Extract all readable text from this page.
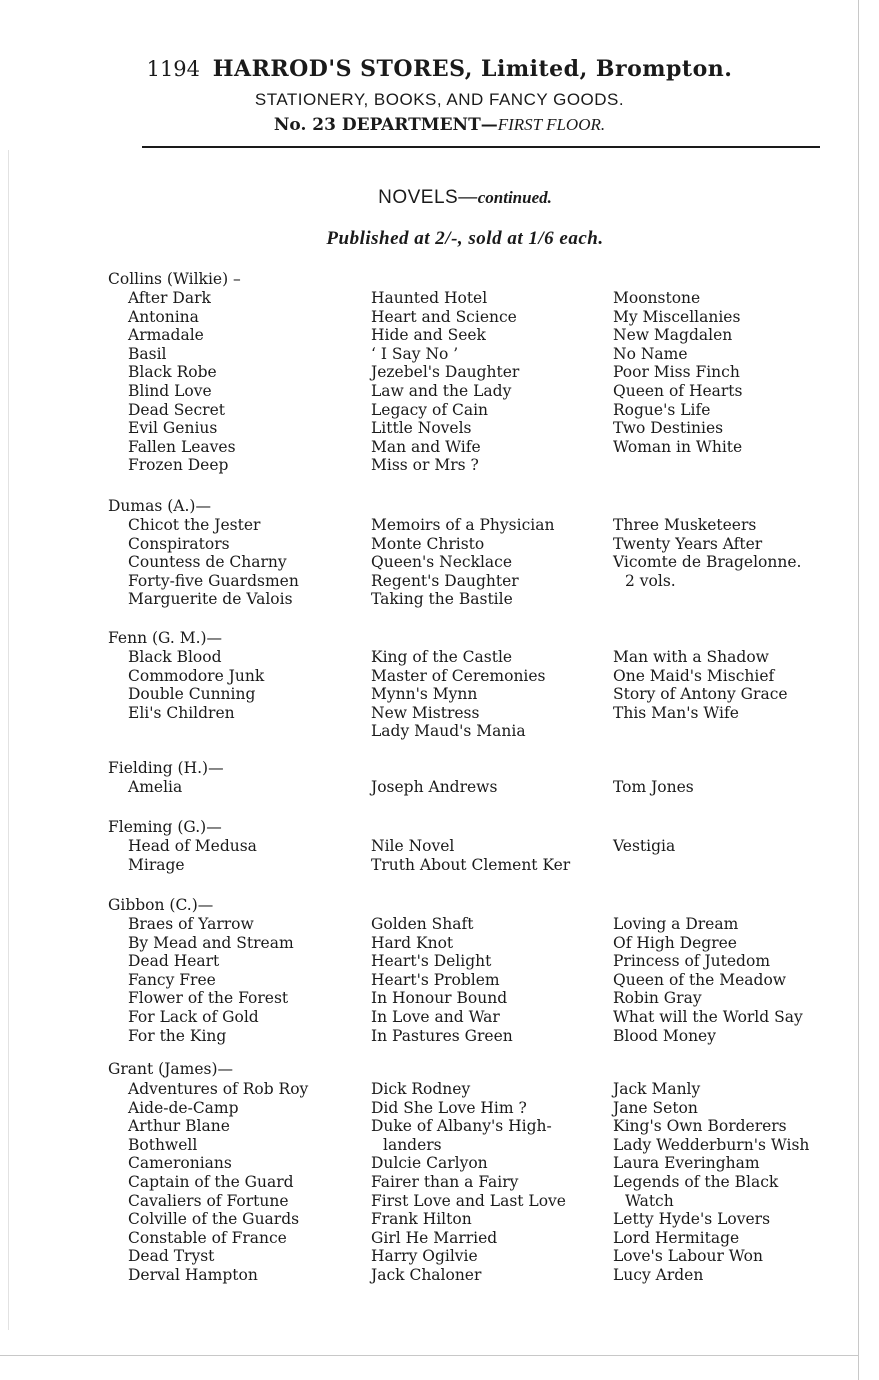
1194 HARROD'S STORES, Limited, Brompton.
STATIONERY, BOOKS, AND FANCY GOODS.
No. 23 DEPARTMENT—FIRST FLOOR.
NOVELS—continued.
Published at 2/-, sold at 1/6 each.
Collins (Wilkie) –
After Dark
Antonina
Armadale
Basil
Black Robe
Blind Love
Dead Secret
Evil Genius
Fallen Leaves
Frozen Deep
Haunted Hotel
Heart and Science
Hide and Seek
‘ I Say No ’
Jezebel's Daughter
Law and the Lady
Legacy of Cain
Little Novels
Man and Wife
Miss or Mrs ?
Moonstone
My Miscellanies
New Magdalen
No Name
Poor Miss Finch
Queen of Hearts
Rogue's Life
Two Destinies
Woman in White
Dumas (A.)—
Chicot the Jester
Conspirators
Countess de Charny
Forty-five Guardsmen
Marguerite de Valois
Memoirs of a Physician
Monte Christo
Queen's Necklace
Regent's Daughter
Taking the Bastile
Three Musketeers
Twenty Years After
Vicomte de Bragelonne.
2 vols.
Fenn (G. M.)—
Black Blood
Commodore Junk
Double Cunning
Eli's Children
King of the Castle
Master of Ceremonies
Mynn's Mynn
New Mistress
Lady Maud's Mania
Man with a Shadow
One Maid's Mischief
Story of Antony Grace
This Man's Wife
Fielding (H.)—
Amelia	Joseph Andrews	Tom Jones
Fleming (G.)—
Head of Medusa
Mirage
Nile Novel
Truth About Clement Ker
Vestigia
Gibbon (C.)—
Braes of Yarrow
By Mead and Stream
Dead Heart
Fancy Free
Flower of the Forest
For Lack of Gold
For the King
Golden Shaft
Hard Knot
Heart's Delight
Heart's Problem
In Honour Bound
In Love and War
In Pastures Green
Loving a Dream
Of High Degree
Princess of Jutedom
Queen of the Meadow
Robin Gray
What will the World Say
Blood Money
Grant (James)—
Adventures of Rob Roy
Aide-de-Camp
Arthur Blane
Bothwell
Cameronians
Captain of the Guard
Cavaliers of Fortune
Colville of the Guards
Constable of France
Dead Tryst
Derval Hampton
Dick Rodney
Did She Love Him ?
Duke of Albany's High-
landers
Dulcie Carlyon
Fairer than a Fairy
First Love and Last Love
Frank Hilton
Girl He Married
Harry Ogilvie
Jack Chaloner
Jack Manly
Jane Seton
King's Own Borderers
Lady Wedderburn's Wish
Laura Everingham
Legends of the Black
Watch
Letty Hyde's Lovers
Lord Hermitage
Love's Labour Won
Lucy Arden
